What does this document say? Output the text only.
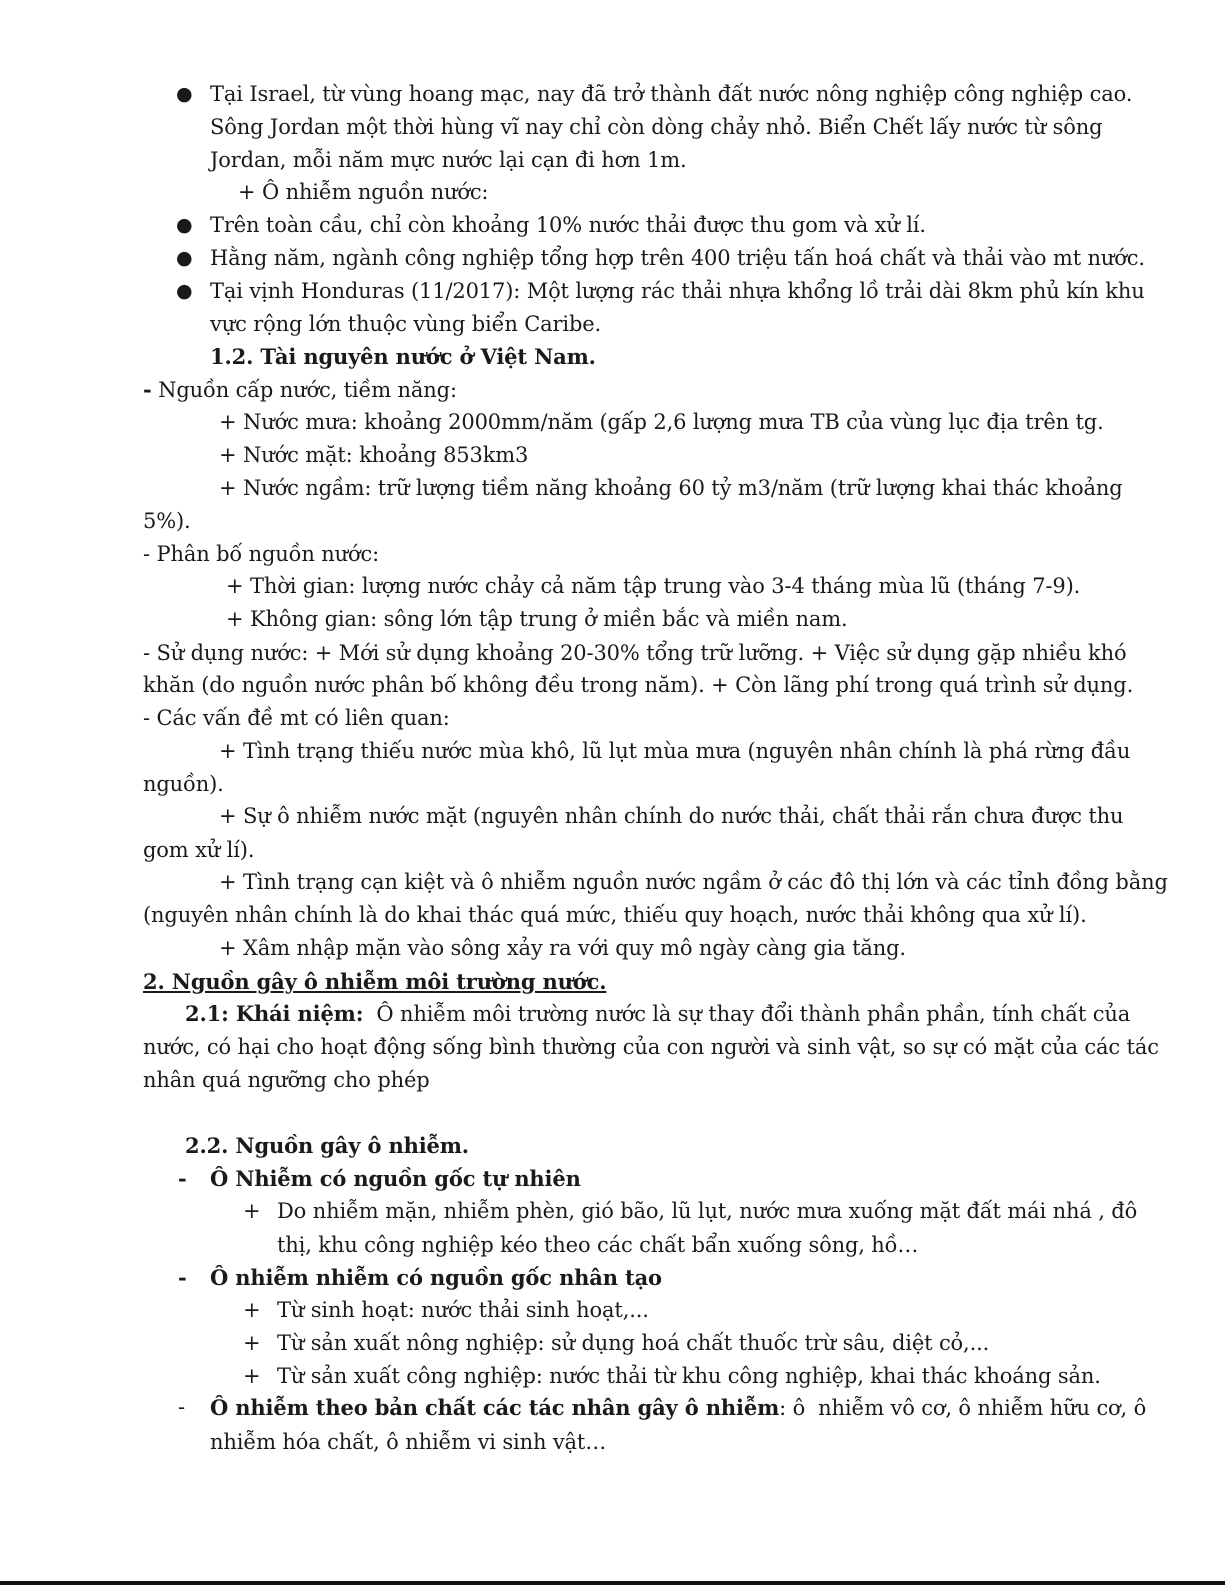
● Tại Israel, từ vùng hoang mạc, nay đã trở thành đất nước nông nghiệp công nghiệp cao.
Sông Jordan một thời hùng vĩ nay chỉ còn dòng chảy nhỏ. Biển Chết lấy nước từ sông
Jordan, mỗi năm mực nước lại cạn đi hơn 1m.
+ Ô nhiễm nguồn nước:
● Trên toàn cầu, chỉ còn khoảng 10% nước thải được thu gom và xử lí.
● Hằng năm, ngành công nghiệp tổng hợp trên 400 triệu tấn hoá chất và thải vào mt nước.
● Tại vịnh Honduras (11/2017): Một lượng rác thải nhựa khổng lồ trải dài 8km phủ kín khu
vực rộng lớn thuộc vùng biển Caribe.
1.2. Tài nguyên nước ở Việt Nam.
- Nguồn cấp nước, tiềm năng:
+ Nước mưa: khoảng 2000mm/năm (gấp 2,6 lượng mưa TB của vùng lục địa trên tg.
+ Nước mặt: khoảng 853km3
+ Nước ngầm: trữ lượng tiềm năng khoảng 60 tỷ m3/năm (trữ lượng khai thác khoảng
5%).
- Phân bố nguồn nước:
+ Thời gian: lượng nước chảy cả năm tập trung vào 3-4 tháng mùa lũ (tháng 7-9).
+ Không gian: sông lớn tập trung ở miền bắc và miền nam.
- Sử dụng nước: + Mới sử dụng khoảng 20-30% tổng trữ lưỡng. + Việc sử dụng gặp nhiều khó
khăn (do nguồn nước phân bố không đều trong năm). + Còn lãng phí trong quá trình sử dụng.
- Các vấn đề mt có liên quan:
+ Tình trạng thiếu nước mùa khô, lũ lụt mùa mưa (nguyên nhân chính là phá rừng đầu
nguồn).
+ Sự ô nhiễm nước mặt (nguyên nhân chính do nước thải, chất thải rắn chưa được thu
gom xử lí).
+ Tình trạng cạn kiệt và ô nhiễm nguồn nước ngầm ở các đô thị lớn và các tỉnh đồng bằng
(nguyên nhân chính là do khai thác quá mức, thiếu quy hoạch, nước thải không qua xử lí).
+ Xâm nhập mặn vào sông xảy ra với quy mô ngày càng gia tăng.
2. Nguồn gây ô nhiễm môi trường nước.
2.1: Khái niệm:  Ô nhiễm môi trường nước là sự thay đổi thành phần phần, tính chất của
nước, có hại cho hoạt động sống bình thường của con người và sinh vật, so sự có mặt của các tác
nhân quá ngưỡng cho phép
2.2. Nguồn gây ô nhiễm.
- Ô Nhiễm có nguồn gốc tự nhiên
+ Do nhiễm mặn, nhiễm phèn, gió bão, lũ lụt, nước mưa xuống mặt đất mái nhá , đô
thị, khu công nghiệp kéo theo các chất bẩn xuống sông, hồ…
- Ô nhiễm nhiễm có nguồn gốc nhân tạo
+ Từ sinh hoạt: nước thải sinh hoạt,...
+ Từ sản xuất nông nghiệp: sử dụng hoá chất thuốc trừ sâu, diệt cỏ,...
+ Từ sản xuất công nghiệp: nước thải từ khu công nghiệp, khai thác khoáng sản.
- Ô nhiễm theo bản chất các tác nhân gây ô nhiễm: ô  nhiễm vô cơ, ô nhiễm hữu cơ, ô
nhiễm hóa chất, ô nhiễm vi sinh vật…
